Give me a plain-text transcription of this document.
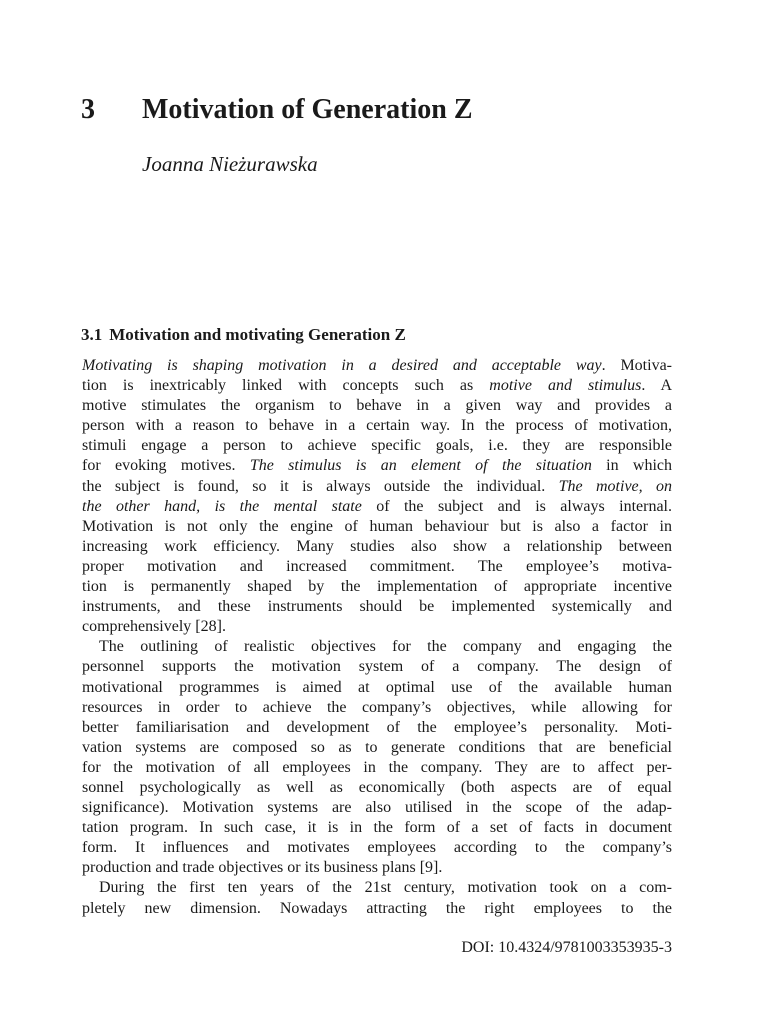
3 Motivation of Generation Z
Joanna Nieżurawska
3.1 Motivation and motivating Generation Z
Motivating is shaping motivation in a desired and acceptable way. Motiva-
tion is inextricably linked with concepts such as motive and stimulus. A
motive stimulates the organism to behave in a given way and provides a
person with a reason to behave in a certain way. In the process of motivation,
stimuli engage a person to achieve specific goals, i.e. they are responsible
for evoking motives. The stimulus is an element of the situation in which
the subject is found, so it is always outside the individual. The motive, on
the other hand, is the mental state of the subject and is always internal.
Motivation is not only the engine of human behaviour but is also a factor in
increasing work efficiency. Many studies also show a relationship between
proper motivation and increased commitment. The employee’s motiva-
tion is permanently shaped by the implementation of appropriate incentive
instruments, and these instruments should be implemented systemically and
comprehensively [28].
The outlining of realistic objectives for the company and engaging the
personnel supports the motivation system of a company. The design of
motivational programmes is aimed at optimal use of the available human
resources in order to achieve the company’s objectives, while allowing for
better familiarisation and development of the employee’s personality. Moti-
vation systems are composed so as to generate conditions that are beneficial
for the motivation of all employees in the company. They are to affect per-
sonnel psychologically as well as economically (both aspects are of equal
significance). Motivation systems are also utilised in the scope of the adap-
tation program. In such case, it is in the form of a set of facts in document
form. It influences and motivates employees according to the company’s
production and trade objectives or its business plans [9].
During the first ten years of the 21st century, motivation took on a com-
pletely new dimension. Nowadays attracting the right employees to the
DOI: 10.4324/9781003353935-3
